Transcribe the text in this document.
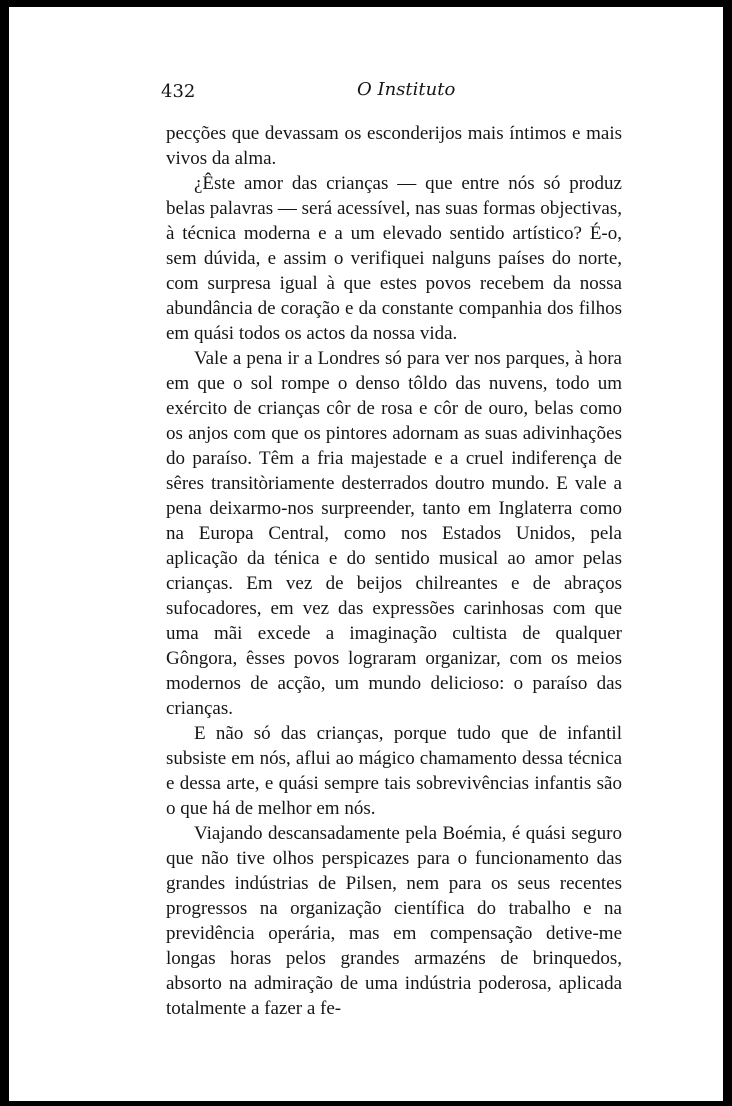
432	O Instituto

pecções que devassam os esconderijos mais íntimos e mais vivos da alma.

¿Êste amor das crianças — que entre nós só produz belas palavras — será acessível, nas suas formas objectivas, à técnica moderna e a um elevado sentido artístico? É-o, sem dúvida, e assim o verifiquei nalguns países do norte, com surpresa igual à que estes povos recebem da nossa abundância de coração e da constante companhia dos filhos em quási todos os actos da nossa vida.

Vale a pena ir a Londres só para ver nos parques, à hora em que o sol rompe o denso tôldo das nuvens, todo um exército de crianças côr de rosa e côr de ouro, belas como os anjos com que os pintores adornam as suas adivinhações do paraíso. Têm a fria majestade e a cruel indiferença de sêres transitòriamente desterrados doutro mundo. E vale a pena deixarmo-nos surpreender, tanto em Inglaterra como na Europa Central, como nos Estados Unidos, pela aplicação da ténica e do sentido musical ao amor pelas crianças. Em vez de beijos chilreantes e de abraços sufocadores, em vez das expressões carinhosas com que uma mãi excede a imaginação cultista de qualquer Gôngora, êsses povos lograram organizar, com os meios modernos de acção, um mundo delicioso: o paraíso das crianças.

E não só das crianças, porque tudo que de infantil subsiste em nós, aflui ao mágico chamamento dessa técnica e dessa arte, e quási sempre tais sobrevivências infantis são o que há de melhor em nós.

Viajando descansadamente pela Boémia, é quási seguro que não tive olhos perspicazes para o funcionamento das grandes indústrias de Pilsen, nem para os seus recentes progressos na organização científica do trabalho e na previdência operária, mas em compensação detive-me longas horas pelos grandes armazéns de brinquedos, absorto na admiração de uma indústria poderosa, aplicada totalmente a fazer a fe-
